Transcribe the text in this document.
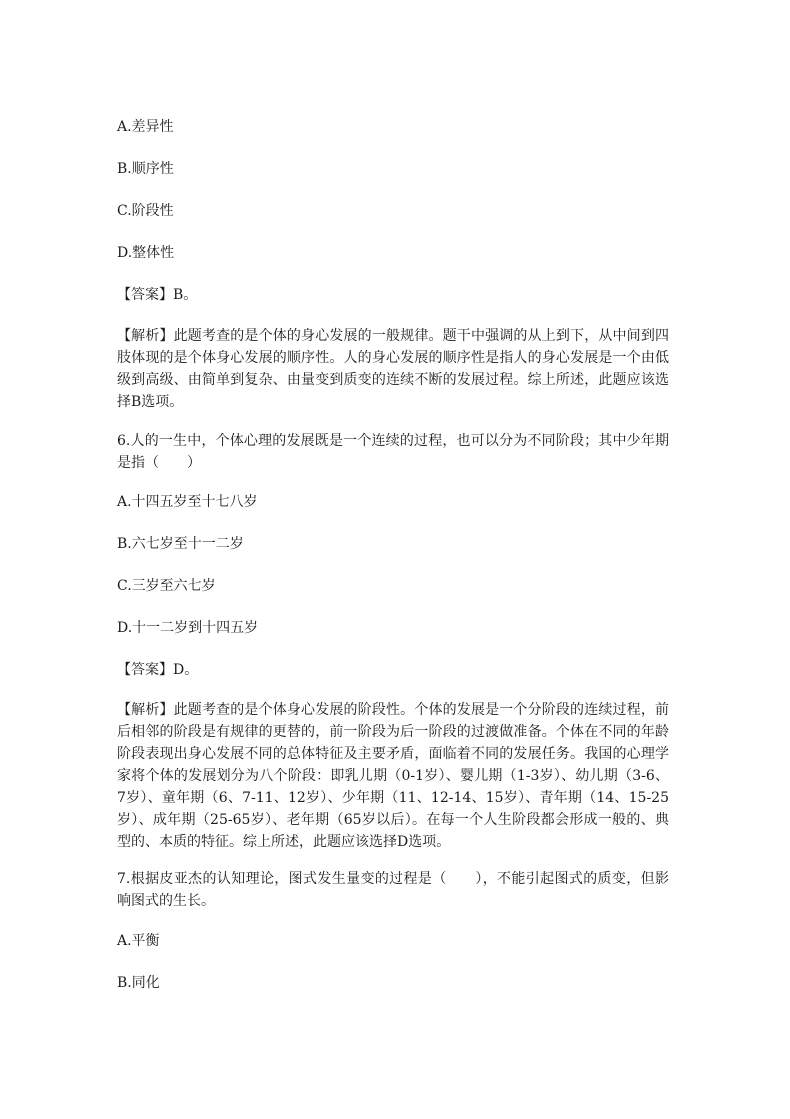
A.差异性
B.顺序性
C.阶段性
D.整体性
【答案】B。
【解析】此题考查的是个体的身心发展的一般规律。题干中强调的从上到下，从中间到四肢体现的是个体身心发展的顺序性。人的身心发展的顺序性是指人的身心发展是一个由低级到高级、由简单到复杂、由量变到质变的连续不断的发展过程。综上所述，此题应该选择B选项。
6.人的一生中，个体心理的发展既是一个连续的过程，也可以分为不同阶段；其中少年期是指（　　）
A.十四五岁至十七八岁
B.六七岁至十一二岁
C.三岁至六七岁
D.十一二岁到十四五岁
【答案】D。
【解析】此题考查的是个体身心发展的阶段性。个体的发展是一个分阶段的连续过程，前后相邻的阶段是有规律的更替的，前一阶段为后一阶段的过渡做准备。个体在不同的年龄阶段表现出身心发展不同的总体特征及主要矛盾，面临着不同的发展任务。我国的心理学家将个体的发展划分为八个阶段：即乳儿期（0-1岁）、婴儿期（1-3岁）、幼儿期（3-6、7岁）、童年期（6、7-11、12岁）、少年期（11、12-14、15岁）、青年期（14、15-25岁）、成年期（25-65岁）、老年期（65岁以后）。在每一个人生阶段都会形成一般的、典型的、本质的特征。综上所述，此题应该选择D选项。
7.根据皮亚杰的认知理论，图式发生量变的过程是（　　），不能引起图式的质变，但影响图式的生长。
A.平衡
B.同化
